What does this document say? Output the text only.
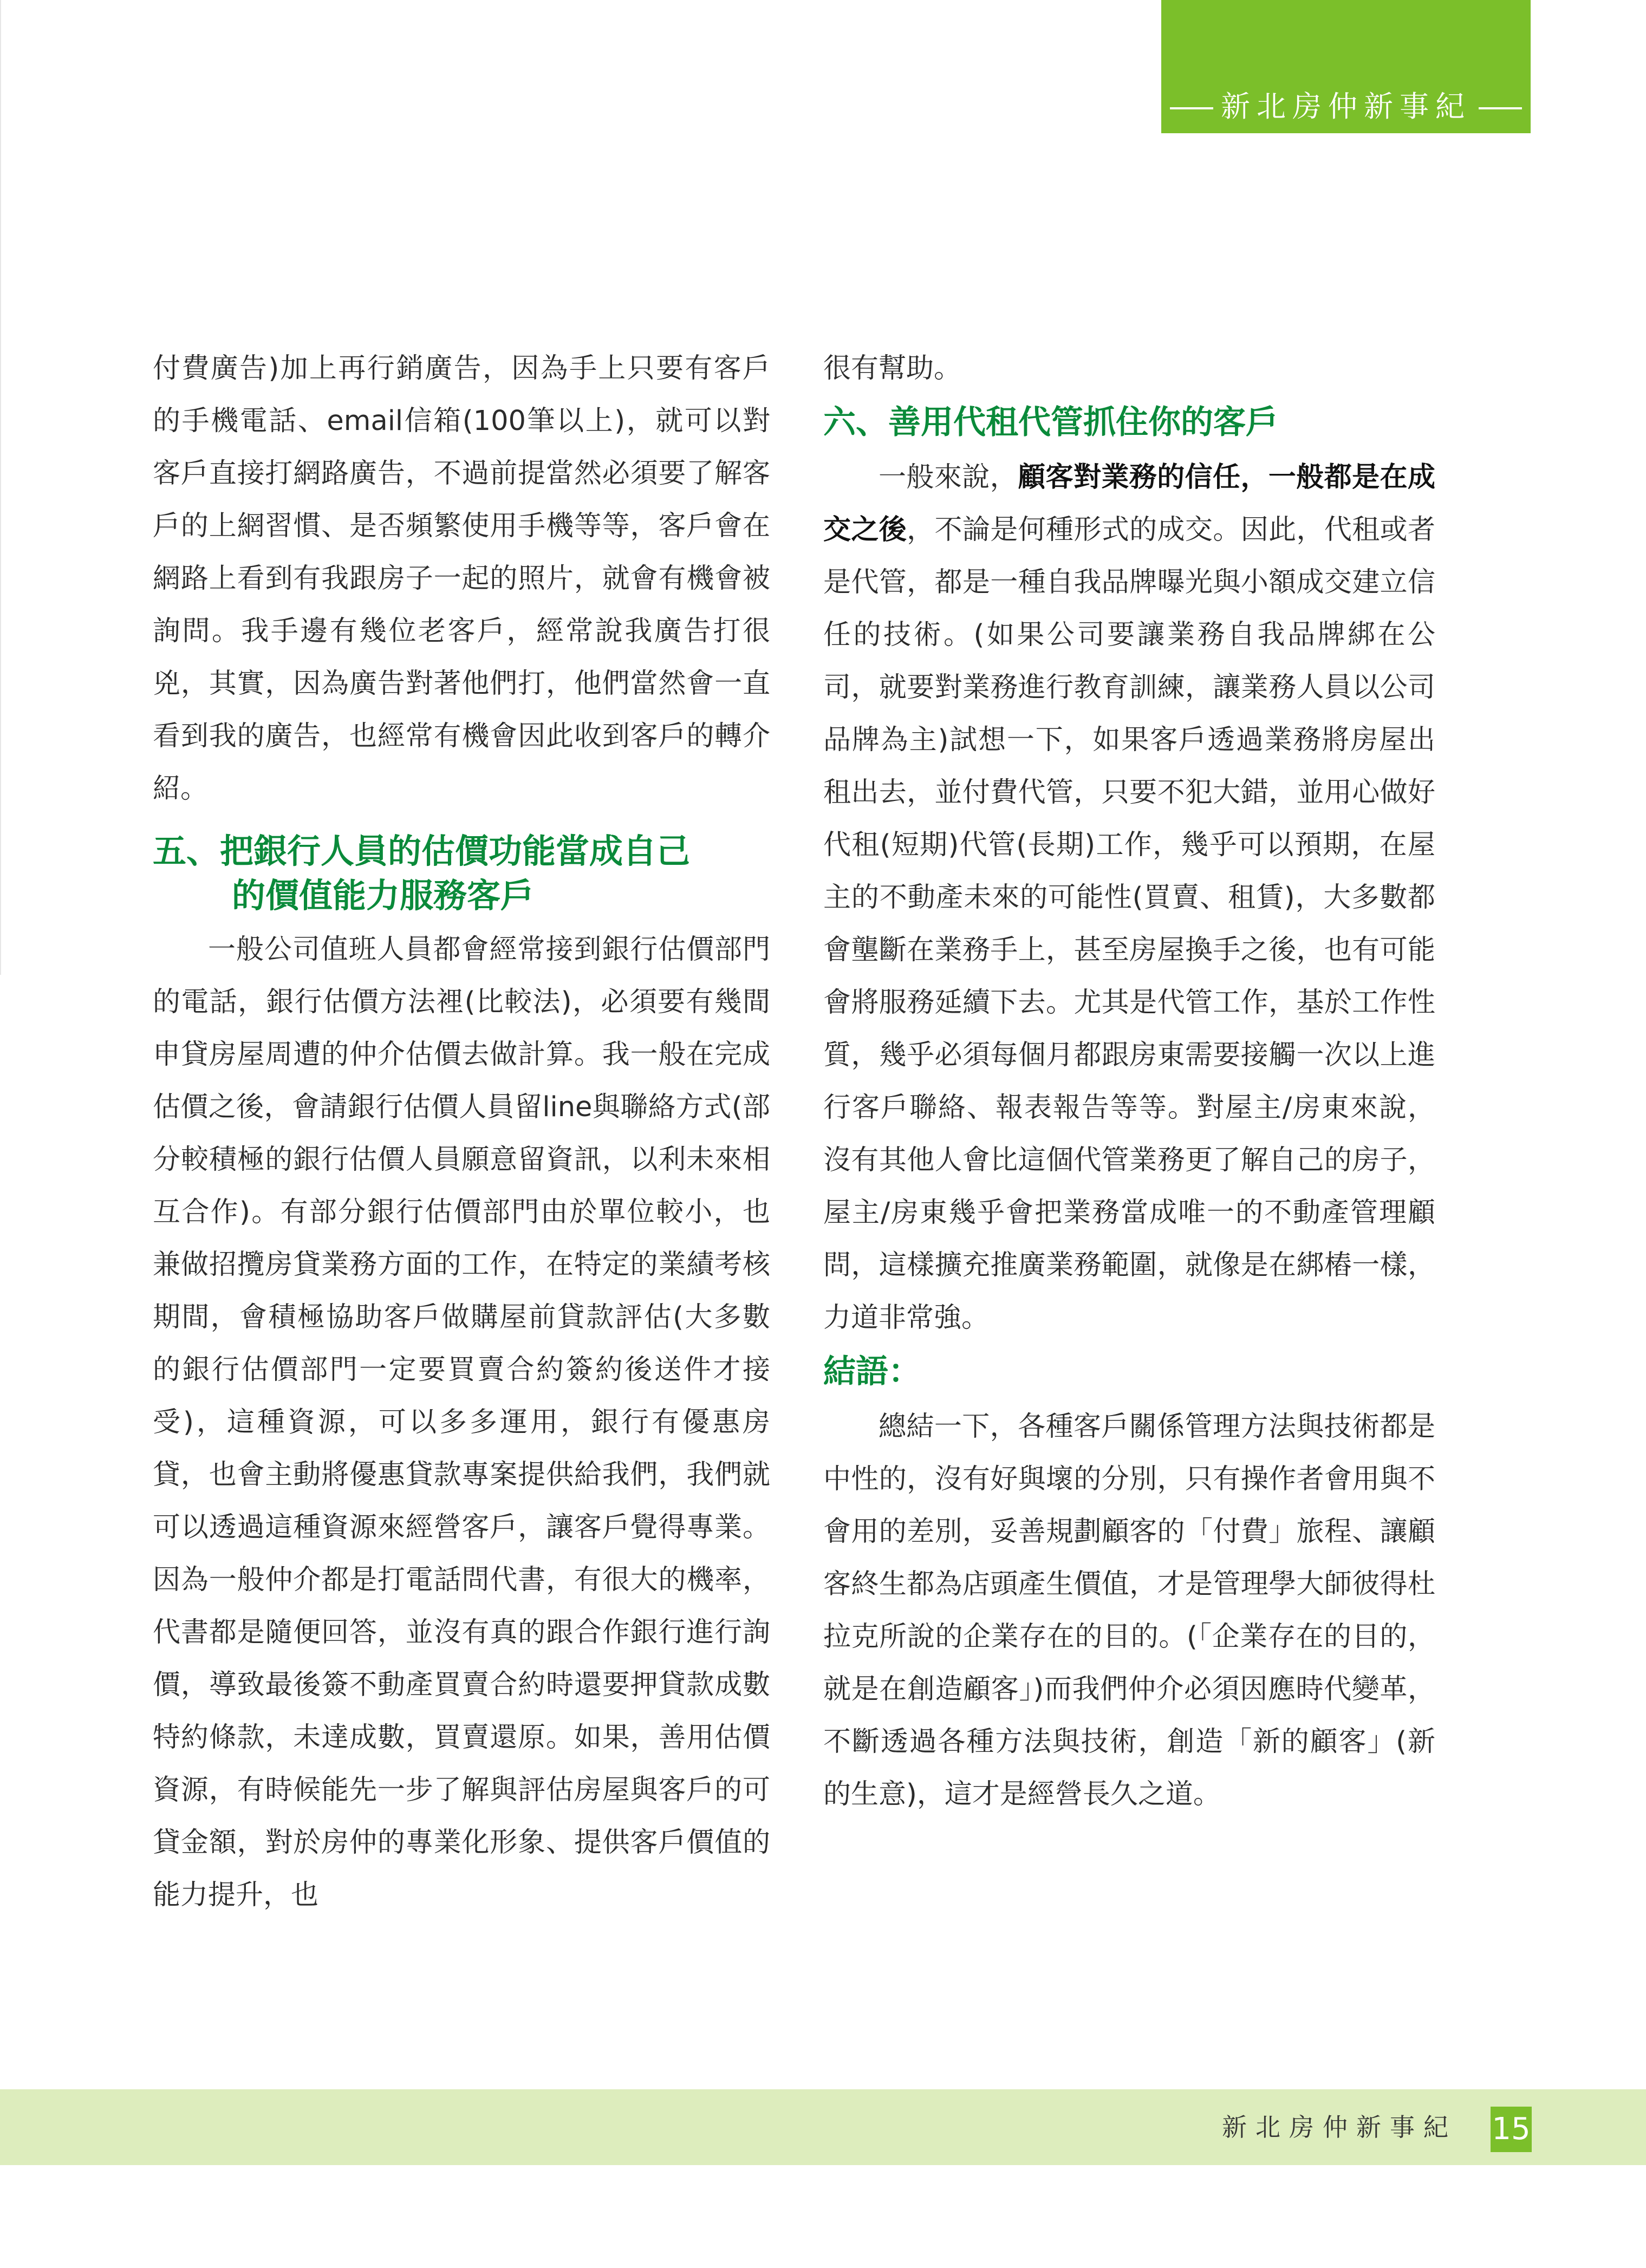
新北房仲新事紀

付費廣告)加上再行銷廣告，因為手上只要有客戶的手機電話、email信箱(100筆以上)，就可以對客戶直接打網路廣告，不過前提當然必須要了解客戶的上網習慣、是否頻繁使用手機等等，客戶會在網路上看到有我跟房子一起的照片，就會有機會被詢問。我手邊有幾位老客戶，經常說我廣告打很兇，其實，因為廣告對著他們打，他們當然會一直看到我的廣告，也經常有機會因此收到客戶的轉介紹。

五、把銀行人員的估價功能當成自己
的價值能力服務客戶

一般公司值班人員都會經常接到銀行估價部門的電話，銀行估價方法裡(比較法)，必須要有幾間申貸房屋周遭的仲介估價去做計算。我一般在完成估價之後，會請銀行估價人員留line與聯絡方式(部分較積極的銀行估價人員願意留資訊，以利未來相互合作)。有部分銀行估價部門由於單位較小，也兼做招攬房貸業務方面的工作，在特定的業績考核期間，會積極協助客戶做購屋前貸款評估(大多數的銀行估價部門一定要買賣合約簽約後送件才接受)，這種資源，可以多多運用，銀行有優惠房貸，也會主動將優惠貸款專案提供給我們，我們就可以透過這種資源來經營客戶，讓客戶覺得專業。因為一般仲介都是打電話問代書，有很大的機率，代書都是隨便回答，並沒有真的跟合作銀行進行詢價，導致最後簽不動產買賣合約時還要押貸款成數特約條款，未達成數，買賣還原。如果，善用估價資源，有時候能先一步了解與評估房屋與客戶的可貸金額，對於房仲的專業化形象、提供客戶價值的能力提升，也

很有幫助。

六、善用代租代管抓住你的客戶

一般來說，顧客對業務的信任，一般都是在成交之後，不論是何種形式的成交。因此，代租或者是代管，都是一種自我品牌曝光與小額成交建立信任的技術。(如果公司要讓業務自我品牌綁在公司，就要對業務進行教育訓練，讓業務人員以公司品牌為主)試想一下，如果客戶透過業務將房屋出租出去，並付費代管，只要不犯大錯，並用心做好代租(短期)代管(長期)工作，幾乎可以預期，在屋主的不動產未來的可能性(買賣、租賃)，大多數都會壟斷在業務手上，甚至房屋換手之後，也有可能會將服務延續下去。尤其是代管工作，基於工作性質，幾乎必須每個月都跟房東需要接觸一次以上進行客戶聯絡、報表報告等等。對屋主/房東來說，沒有其他人會比這個代管業務更了解自己的房子，屋主/房東幾乎會把業務當成唯一的不動產管理顧問，這樣擴充推廣業務範圍，就像是在綁樁一樣，力道非常強。

結語：

總結一下，各種客戶關係管理方法與技術都是中性的，沒有好與壞的分別，只有操作者會用與不會用的差別，妥善規劃顧客的「付費」旅程、讓顧客終生都為店頭產生價值，才是管理學大師彼得杜拉克所說的企業存在的目的。(「企業存在的目的，就是在創造顧客」)而我們仲介必須因應時代變革，不斷透過各種方法與技術，創造「新的顧客」(新的生意)，這才是經營長久之道。

新北房仲新事紀 15
